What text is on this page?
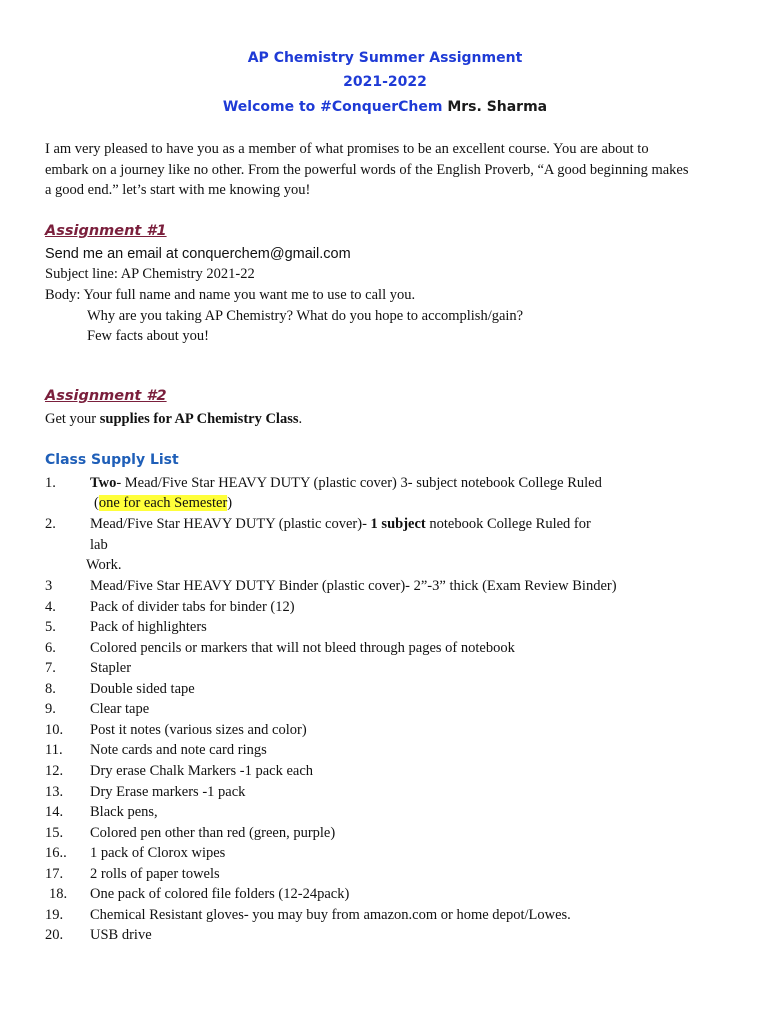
AP Chemistry Summer Assignment
2021-2022
Welcome to #ConquerChem Mrs. Sharma
I am very pleased to have you as a member of what promises to be an excellent course. You are about to
embark on a journey like no other. From the powerful words of the English Proverb, “A good beginning makes
a good end.” let’s start with me knowing you!
Assignment #1
Send me an email at conquerchem@gmail.com
Subject line: AP Chemistry 2021-22
Body: Your full name and name you want me to use to call you.
Why are you taking AP Chemistry? What do you hope to accomplish/gain?
Few facts about you!
Assignment #2
Get your supplies for AP Chemistry Class.
Class Supply List
1. Two- Mead/Five Star HEAVY DUTY (plastic cover) 3- subject notebook College Ruled
(one for each Semester)
2. Mead/Five Star HEAVY DUTY (plastic cover)- 1 subject notebook College Ruled for
lab
Work.
3	Mead/Five Star HEAVY DUTY Binder (plastic cover)- 2”-3” thick (Exam Review Binder)
4. Pack of divider tabs for binder (12)
5. Pack of highlighters
6. Colored pencils or markers that will not bleed through pages of notebook
7. Stapler
8. Double sided tape
9. Clear tape
10. Post it notes (various sizes and color)
11. Note cards and note card rings
12. Dry erase Chalk Markers -1 pack each
13. Dry Erase markers -1 pack
14. Black pens,
15. Colored pen other than red (green, purple)
16.. 1 pack of Clorox wipes
17. 2 rolls of paper towels
18. One pack of colored file folders (12-24pack)
19. Chemical Resistant gloves- you may buy from amazon.com or home depot/Lowes.
20. USB drive
